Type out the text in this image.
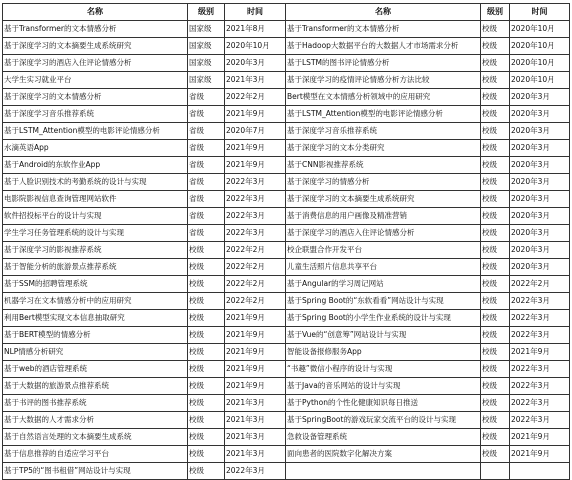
名称	级别	时间	名称	级别	时间
基于Transformer的文本情感分析	国家级	2021年8月	基于Transformer的文本情感分析	校级	2020年10月
基于深度学习的文本摘要生成系统研究	国家级	2020年10月	基于Hadoop大数据平台的大数据人才市场需求分析	校级	2020年10月
基于深度学习的酒店入住评论情感分析	国家级	2020年3月	基于LSTM的图书评论情感分析	校级	2020年10月
大学生实习就业平台	国家级	2021年3月	基于深度学习的疫情评论情感分析方法比较	校级	2020年10月
基于深度学习的文本情感分析	省级	2022年2月	Bert模型在文本情感分析领域中的应用研究	校级	2020年3月
基于深度学习音乐推荐系统	省级	2021年9月	基于LSTM_Attention模型的电影评论情感分析	校级	2020年3月
基于LSTM_Attention模型的电影评论情感分析	省级	2020年7月	基于深度学习音乐推荐系统	校级	2020年3月
水滴英语App	省级	2021年9月	基于深度学习的文本分类研究	校级	2020年3月
基于Android的东软作业App	省级	2021年9月	基于CNN影视推荐系统	校级	2020年3月
基于人脸识别技术的考勤系统的设计与实现	省级	2022年3月	基于深度学习的情感分析	校级	2020年3月
电影院影视信息查询管理网站软件	省级	2022年3月	基于深度学习的文本摘要生成系统研究	校级	2020年3月
软件招投标平台的设计与实现	省级	2022年3月	基于消费信息的用户画像及精准营销	校级	2020年3月
学生学习任务管理系统的设计与实现	省级	2022年3月	基于深度学习的酒店入住评论情感分析	校级	2020年3月
基于深度学习的影视推荐系统	校级	2022年2月	校企联盟合作开发平台	校级	2020年3月
基于智能分析的旅游景点推荐系统	校级	2022年2月	儿童生活照片信息共享平台	校级	2020年3月
基于SSM的招聘管理系统	校级	2022年2月	基于Angular的学习周记网站	校级	2022年2月
机器学习在文本情感分析中的应用研究	校级	2022年2月	基于Spring Boot的“东软看看”网站设计与实现	校级	2022年3月
利用Bert模型实现文本信息抽取研究	校级	2021年9月	基于Spring Boot的小学生作业系统的设计与实现	校级	2022年3月
基于BERT模型的情感分析	校级	2021年9月	基于Vue的“创意筹”网站设计与实现	校级	2022年3月
NLP情感分析研究	校级	2021年9月	智能设备报修服务App	校级	2021年9月
基于web的酒店管理系统	校级	2021年9月	“书趣”微信小程序的设计与实现	校级	2022年3月
基于大数据的旅游景点推荐系统	校级	2021年9月	基于Java的音乐网站的设计与实现	校级	2022年3月
基于书评的图书推荐系统	校级	2021年3月	基于Python的个性化健康知识每日推送	校级	2022年3月
基于大数据的人才需求分析	校级	2021年3月	基于SpringBoot的游戏玩家交流平台的设计与实现	校级	2022年3月
基于自然语言处理的文本摘要生成系统	校级	2021年3月	急救设备管理系统	校级	2021年9月
基于信息推荐的自适应学习平台	校级	2021年3月	面向患者的医院数字化解决方案	校级	2021年9月
基于TP5的“图书租借”网站设计与实现	校级	2022年3月			
